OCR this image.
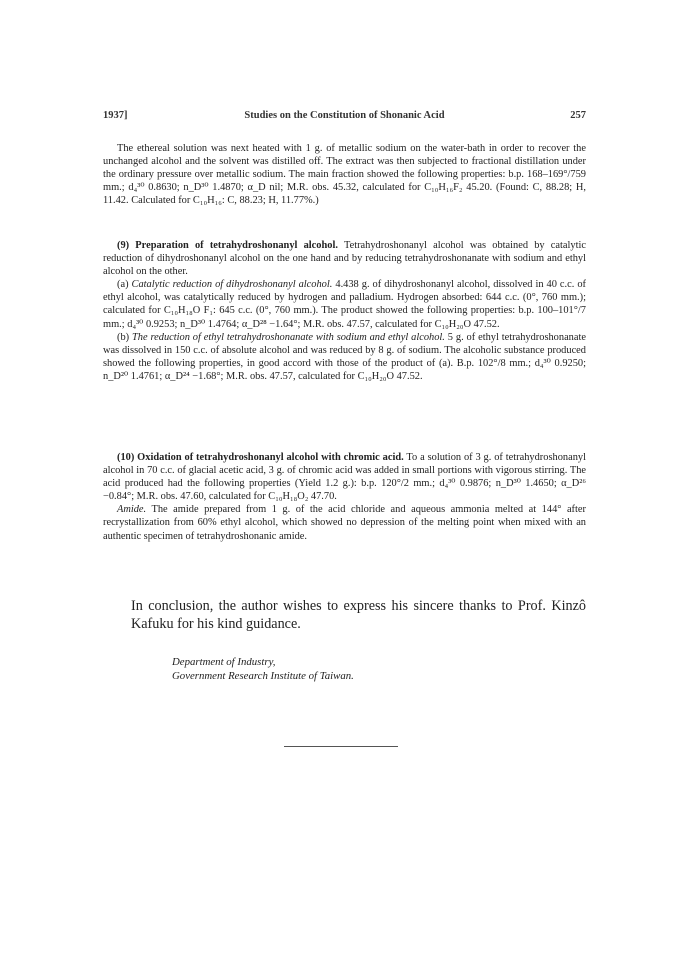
1937]	Studies on the Constitution of Shonanic Acid	257

The ethereal solution was next heated with 1 g. of metallic sodium on the water-bath in order to recover the unchanged alcohol and the solvent was distilled off. The extract was then subjected to fractional distillation under the ordinary pressure over metallic sodium. The main fraction showed the following properties: b.p. 168–169°/759 mm.; d₄³⁰ 0.8630; n_D³⁰ 1.4870; α_D nil; M.R. obs. 45.32, calculated for C₁₀H₁₆F₂ 45.20. (Found: C, 88.28; H, 11.42. Calculated for C₁₀H₁₆: C, 88.23; H, 11.77%.)

(9) Preparation of tetrahydroshonanyl alcohol. Tetrahydroshonanyl alcohol was obtained by catalytic reduction of dihydroshonanyl alcohol on the one hand and by reducing tetrahydroshonanate with sodium and ethyl alcohol on the other.

(a) Catalytic reduction of dihydroshonanyl alcohol. 4.438 g. of dihydroshonanyl alcohol, dissolved in 40 c.c. of ethyl alcohol, was catalytically reduced by hydrogen and palladium. Hydrogen absorbed: 644 c.c. (0°, 760 mm.); calculated for C₁₀H₁₈O F₁: 645 c.c. (0°, 760 mm.). The product showed the following properties: b.p. 100–101°/7 mm.; d₄³⁰ 0.9253; n_D³⁰ 1.4764; α_D²⁸ −1.64°; M.R. obs. 47.57, calculated for C₁₀H₂₀O 47.52.

(b) The reduction of ethyl tetrahydroshonanate with sodium and ethyl alcohol. 5 g. of ethyl tetrahydroshonanate was dissolved in 150 c.c. of absolute alcohol and was reduced by 8 g. of sodium. The alcoholic substance produced showed the following properties, in good accord with those of the product of (a). B.p. 102°/8 mm.; d₄³⁰ 0.9250; n_D²⁰ 1.4761; α_D²⁴ −1.68°; M.R. obs. 47.57, calculated for C₁₀H₂₀O 47.52.

(10) Oxidation of tetrahydroshonanyl alcohol with chromic acid. To a solution of 3 g. of tetrahydroshonanyl alcohol in 70 c.c. of glacial acetic acid, 3 g. of chromic acid was added in small portions with vigorous stirring. The acid produced had the following properties (Yield 1.2 g.): b.p. 120°/2 mm.; d₄³⁰ 0.9876; n_D³⁰ 1.4650; α_D²⁶ −0.84°; M.R. obs. 47.60, calculated for C₁₀H₁₈O₂ 47.70.

Amide. The amide prepared from 1 g. of the acid chloride and aqueous ammonia melted at 144° after recrystallization from 60% ethyl alcohol, which showed no depression of the melting point when mixed with an authentic specimen of tetrahydroshonanic amide.

In conclusion, the author wishes to express his sincere thanks to Prof. Kinzô Kafuku for his kind guidance.
Department of Industry,
Government Research Institute of Taiwan.
